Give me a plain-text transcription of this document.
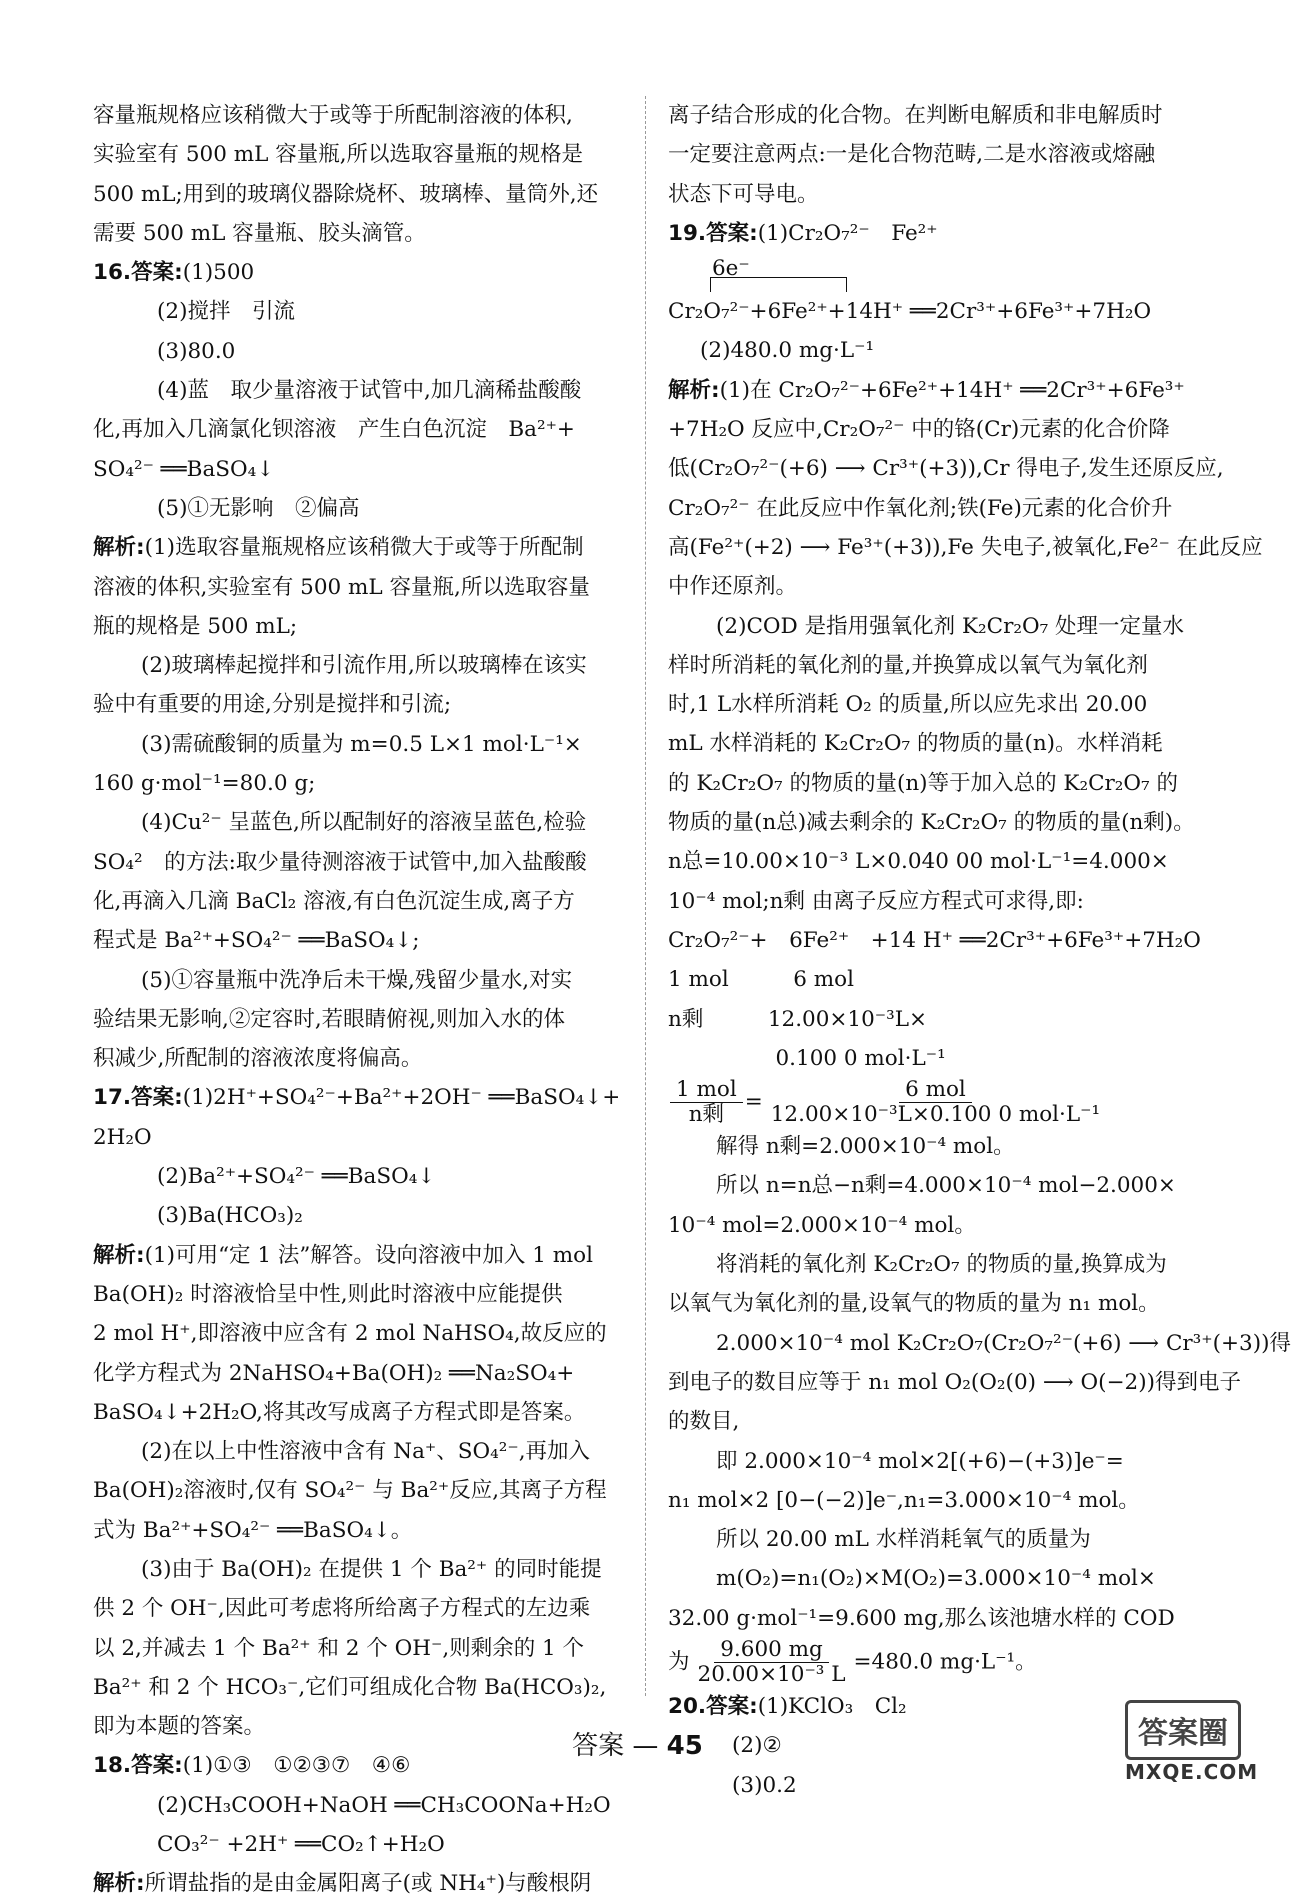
容量瓶规格应该稍微大于或等于所配制溶液的体积,
实验室有 500 mL 容量瓶,所以选取容量瓶的规格是
500 mL;用到的玻璃仪器除烧杯、玻璃棒、量筒外,还
需要 500 mL 容量瓶、胶头滴管。
16.答案:(1)500
(2)搅拌　引流
(3)80.0
(4)蓝　取少量溶液于试管中,加几滴稀盐酸酸
化,再加入几滴氯化钡溶液　产生白色沉淀　Ba²⁺+
SO₄²⁻ ══BaSO₄↓
(5)①无影响　②偏高
解析:(1)选取容量瓶规格应该稍微大于或等于所配制
溶液的体积,实验室有 500 mL 容量瓶,所以选取容量
瓶的规格是 500 mL;
(2)玻璃棒起搅拌和引流作用,所以玻璃棒在该实
验中有重要的用途,分别是搅拌和引流;
(3)需硫酸铜的质量为 m=0.5 L×1 mol·L⁻¹×
160 g·mol⁻¹=80.0 g;
(4)Cu²⁻ 呈蓝色,所以配制好的溶液呈蓝色,检验
SO₄²　的方法:取少量待测溶液于试管中,加入盐酸酸
化,再滴入几滴 BaCl₂ 溶液,有白色沉淀生成,离子方
程式是 Ba²⁺+SO₄²⁻ ══BaSO₄↓;
(5)①容量瓶中洗净后未干燥,残留少量水,对实
验结果无影响,②定容时,若眼睛俯视,则加入水的体
积减少,所配制的溶液浓度将偏高。
17.答案:(1)2H⁺+SO₄²⁻+Ba²⁺+2OH⁻ ══BaSO₄↓+
2H₂O
(2)Ba²⁺+SO₄²⁻ ══BaSO₄↓
(3)Ba(HCO₃)₂
解析:(1)可用“定 1 法”解答。设向溶液中加入 1 mol
Ba(OH)₂ 时溶液恰呈中性,则此时溶液中应能提供
2 mol H⁺,即溶液中应含有 2 mol NaHSO₄,故反应的
化学方程式为 2NaHSO₄+Ba(OH)₂ ══Na₂SO₄+
BaSO₄↓+2H₂O,将其改写成离子方程式即是答案。
(2)在以上中性溶液中含有 Na⁺、SO₄²⁻,再加入
Ba(OH)₂溶液时,仅有 SO₄²⁻ 与 Ba²⁺反应,其离子方程
式为 Ba²⁺+SO₄²⁻ ══BaSO₄↓。
(3)由于 Ba(OH)₂ 在提供 1 个 Ba²⁺ 的同时能提
供 2 个 OH⁻,因此可考虑将所给离子方程式的左边乘
以 2,并减去 1 个 Ba²⁺ 和 2 个 OH⁻,则剩余的 1 个
Ba²⁺ 和 2 个 HCO₃⁻,它们可组成化合物 Ba(HCO₃)₂,
即为本题的答案。
18.答案:(1)①③　①②③⑦　④⑥
(2)CH₃COOH+NaOH ══CH₃COONa+H₂O
CO₃²⁻ +2H⁺ ══CO₂↑+H₂O
解析:所谓盐指的是由金属阳离子(或 NH₄⁺)与酸根阴
离子结合形成的化合物。在判断电解质和非电解质时
一定要注意两点:一是化合物范畴,二是水溶液或熔融
状态下可导电。
19.答案:(1)Cr₂O₇²⁻　Fe²⁺
6e⁻
Cr₂O₇²⁻+6Fe²⁺+14H⁺ ══2Cr³⁺+6Fe³⁺+7H₂O
(2)480.0 mg·L⁻¹
解析:(1)在 Cr₂O₇²⁻+6Fe²⁺+14H⁺ ══2Cr³⁺+6Fe³⁺
+7H₂O 反应中,Cr₂O₇²⁻ 中的铬(Cr)元素的化合价降
低(Cr₂O₇²⁻(+6) ⟶ Cr³⁺(+3)),Cr 得电子,发生还原反应,
Cr₂O₇²⁻ 在此反应中作氧化剂;铁(Fe)元素的化合价升
高(Fe²⁺(+2) ⟶ Fe³⁺(+3)),Fe 失电子,被氧化,Fe²⁻ 在此反应
中作还原剂。
(2)COD 是指用强氧化剂 K₂Cr₂O₇ 处理一定量水
样时所消耗的氧化剂的量,并换算成以氧气为氧化剂
时,1 L水样所消耗 O₂ 的质量,所以应先求出 20.00
mL 水样消耗的 K₂Cr₂O₇ 的物质的量(n)。水样消耗
的 K₂Cr₂O₇ 的物质的量(n)等于加入总的 K₂Cr₂O₇ 的
物质的量(n总)减去剩余的 K₂Cr₂O₇ 的物质的量(n剩)。
n总=10.00×10⁻³ L×0.040 00 mol·L⁻¹=4.000×
10⁻⁴ mol;n剩 由离子反应方程式可求得,即:
Cr₂O₇²⁻+　6Fe²⁺　+14 H⁺ ══2Cr³⁺+6Fe³⁺+7H₂O
1 mol　　　6 mol
n剩　　　12.00×10⁻³L×
　　　　　0.100 0 mol·L⁻¹
$\frac{\text{1 mol}}{\text{n剩}} = \frac{\text{6 mol}}{\text{12.00×10⁻³L×0.100 0 mol·L⁻¹}}$
解得 n剩=2.000×10⁻⁴ mol。
所以 n=n总−n剩=4.000×10⁻⁴ mol−2.000×
10⁻⁴ mol=2.000×10⁻⁴ mol。
将消耗的氧化剂 K₂Cr₂O₇ 的物质的量,换算成为
以氧气为氧化剂的量,设氧气的物质的量为 n₁ mol。
2.000×10⁻⁴ mol K₂Cr₂O₇(Cr₂O₇²⁻(+6) ⟶ Cr³⁺(+3))得
到电子的数目应等于 n₁ mol O₂(O₂(0) ⟶ O(−2))得到电子
的数目,
即 2.000×10⁻⁴ mol×2[(+6)−(+3)]e⁻=
n₁ mol×2 [0−(−2)]e⁻,n₁=3.000×10⁻⁴ mol。
所以 20.00 mL 水样消耗氧气的质量为
m(O₂)=n₁(O₂)×M(O₂)=3.000×10⁻⁴ mol×
32.00 g·mol⁻¹=9.600 mg,那么该池塘水样的 COD
为 $\frac{9.600 mg}{\text{20.00×10⁻³ L}} =480.0$ mg·L⁻¹。
20.答案:(1)KClO₃　Cl₂
(2)②
(3)0.2
答案 — 45	答案圈
MXQE.COM
